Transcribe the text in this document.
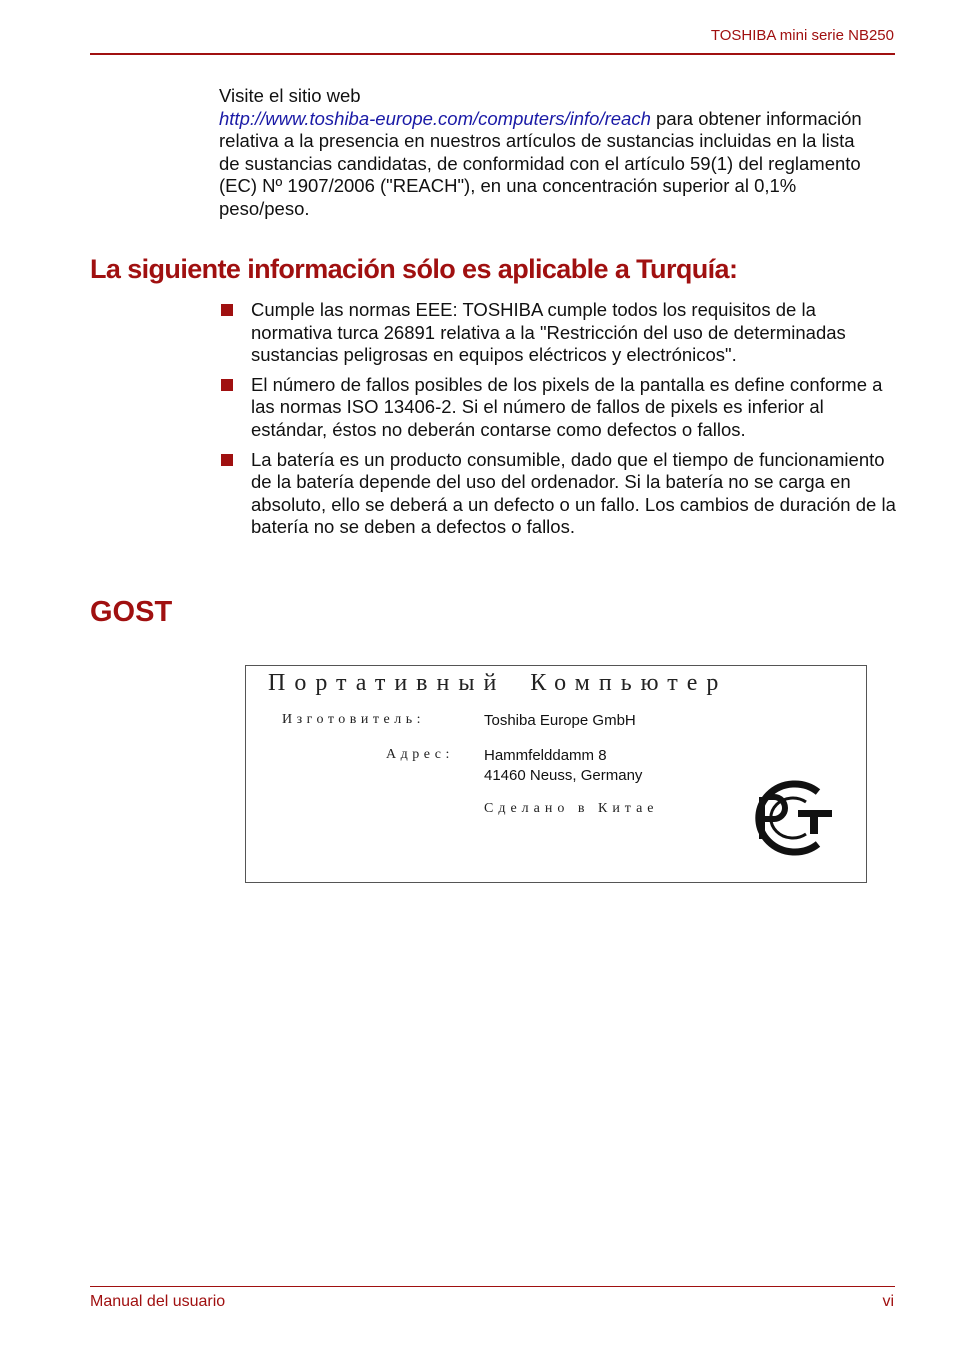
TOSHIBA mini serie NB250

Visite el sitio web
http://www.toshiba-europe.com/computers/info/reach para obtener información relativa a la presencia en nuestros artículos de sustancias incluidas en la lista de sustancias candidatas, de conformidad con el artículo 59(1) del reglamento (EC) Nº 1907/2006 ("REACH"), en una concentración superior al 0,1% peso/peso.

La siguiente información sólo es aplicable a Turquía:
Cumple las normas EEE: TOSHIBA cumple todos los requisitos de la normativa turca 26891 relativa a la "Restricción del uso de determinadas sustancias peligrosas en equipos eléctricos y electrónicos".
El número de fallos posibles de los pixels de la pantalla es define conforme a las normas ISO 13406-2. Si el número de fallos de pixels es inferior al estándar, éstos no deberán contarse como defectos o fallos.
La batería es un producto consumible, dado que el tiempo de funcionamiento de la batería depende del uso del ordenador. Si la batería no se carga en absoluto, ello se deberá a un defecto o un fallo. Los cambios de duración de la batería no se deben a defectos o fallos.
GOST
Портативный Компьютер
Изготовитель:	Toshiba Europe GmbH
Адрес: Hammfelddamm 8
41460 Neuss, Germany
Сделано в Китае
Manual del usuario	vi
